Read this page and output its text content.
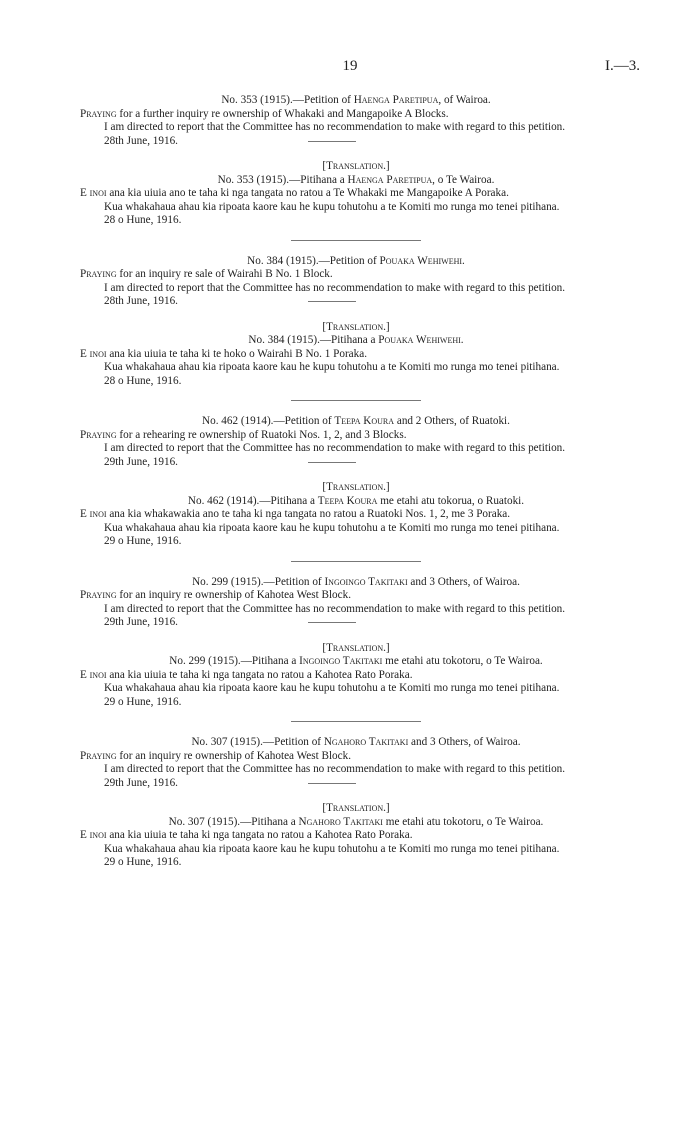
19	I.—3.
No. 353 (1915).—Petition of Haenga Paretipua, of Wairoa.

Praying for a further inquiry re ownership of Whakaki and Mangapoike A Blocks.

I am directed to report that the Committee has no recommendation to make with regard to this petition.

28th June, 1916.
[Translation.]
No. 353 (1915).—Pitihana a Haenga Paretipua, o Te Wairoa.

E inoi ana kia uiuia ano te taha ki nga tangata no ratou a Te Whakaki me Mangapoike A Poraka.

Kua whakahaua ahau kia ripoata kaore kau he kupu tohutohu a te Komiti mo runga mo tenei pitihana.

28 o Hune, 1916.

No. 384 (1915).—Petition of Pouaka Wehiwehi.

Praying for an inquiry re sale of Wairahi B No. 1 Block.

I am directed to report that the Committee has no recommendation to make with regard to this petition.

28th June, 1916.
[Translation.]
No. 384 (1915).—Pitihana a Pouaka Wehiwehi.

E inoi ana kia uiuia te taha ki te hoko o Wairahi B No. 1 Poraka.

Kua whakahaua ahau kia ripoata kaore kau he kupu tohutohu a te Komiti mo runga mo tenei pitihana.

28 o Hune, 1916.

No. 462 (1914).—Petition of Teepa Koura and 2 Others, of Ruatoki.

Praying for a rehearing re ownership of Ruatoki Nos. 1, 2, and 3 Blocks.

I am directed to report that the Committee has no recommendation to make with regard to this petition.

29th June, 1916.
[Translation.]
No. 462 (1914).—Pitihana a Teepa Koura me etahi atu tokorua, o Ruatoki.

E inoi ana kia whakawakia ano te taha ki nga tangata no ratou a Ruatoki Nos. 1, 2, me 3 Poraka.

Kua whakahaua ahau kia ripoata kaore kau he kupu tohutohu a te Komiti mo runga mo tenei pitihana.

29 o Hune, 1916.

No. 299 (1915).—Petition of Ingoingo Takitaki and 3 Others, of Wairoa.

Praying for an inquiry re ownership of Kahotea West Block.

I am directed to report that the Committee has no recommendation to make with regard to this petition.

29th June, 1916.
[Translation.]
No. 299 (1915).—Pitihana a Ingoingo Takitaki me etahi atu tokotoru, o Te Wairoa.

E inoi ana kia uiuia te taha ki nga tangata no ratou a Kahotea Rato Poraka.

Kua whakahaua ahau kia ripoata kaore kau he kupu tohutohu a te Komiti mo runga mo tenei pitihana.

29 o Hune, 1916.

No. 307 (1915).—Petition of Ngahoro Takitaki and 3 Others, of Wairoa.

Praying for an inquiry re ownership of Kahotea West Block.

I am directed to report that the Committee has no recommendation to make with regard to this petition.

29th June, 1916.
[Translation.]
No. 307 (1915).—Pitihana a Ngahoro Takitaki me etahi atu tokotoru, o Te Wairoa.

E inoi ana kia uiuia te taha ki nga tangata no ratou a Kahotea Rato Poraka.

Kua whakahaua ahau kia ripoata kaore kau he kupu tohutohu a te Komiti mo runga mo tenei pitihana.

29 o Hune, 1916.
